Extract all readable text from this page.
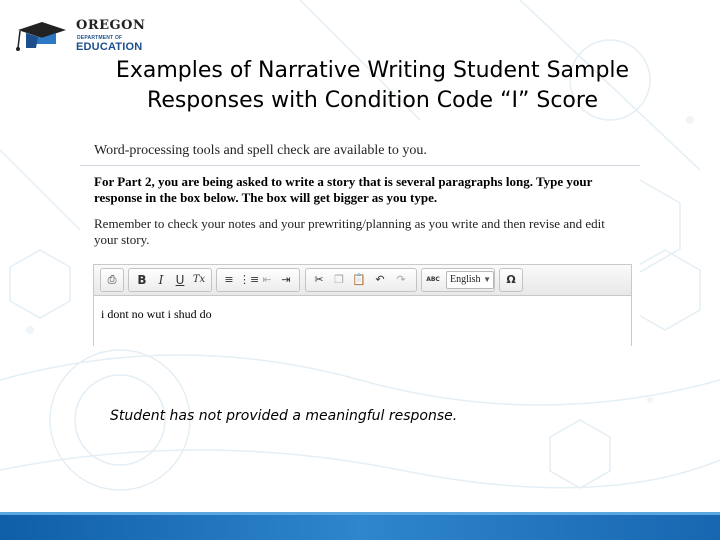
OREGON
DEPARTMENT OF
EDUCATION
Examples of Narrative Writing Student Sample Responses with Condition Code “I” Score
Word-processing tools and spell check are available to you.
For Part 2, you are being asked to write a story that is several paragraphs long. Type your response in the box below. The box will get bigger as you type.
Remember to check your notes and your prewriting/planning as you write and then revise and edit your story.
⎙	B	I	U Tx	≡ ⋮≡ ⇤ ⇥	✂ ❐ 📋 ↶	↷	ABC	English ▼	Ω
i dont no wut i shud do
Student has not provided a meaningful response.
